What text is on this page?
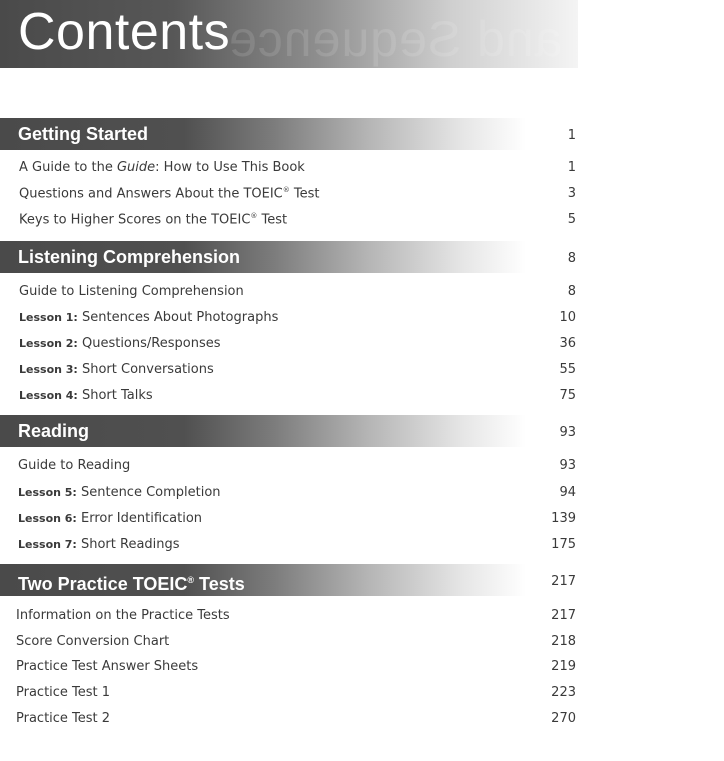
Scope and Sequence
Contents
Getting Started	1
A Guide to the Guide: How to Use This Book	1
Questions and Answers About the TOEIC® Test	3
Keys to Higher Scores on the TOEIC® Test	5
Listening Comprehension	8
Guide to Listening Comprehension	8
Lesson 1: Sentences About Photographs	10
Lesson 2: Questions/Responses	36
Lesson 3: Short Conversations	55
Lesson 4: Short Talks	75
Reading	93
Guide to Reading	93
Lesson 5: Sentence Completion	94
Lesson 6: Error Identification	139
Lesson 7: Short Readings	175
Two Practice TOEIC® Tests	217
Information on the Practice Tests	217
Score Conversion Chart	218
Practice Test Answer Sheets	219
Practice Test 1	223
Practice Test 2	270
